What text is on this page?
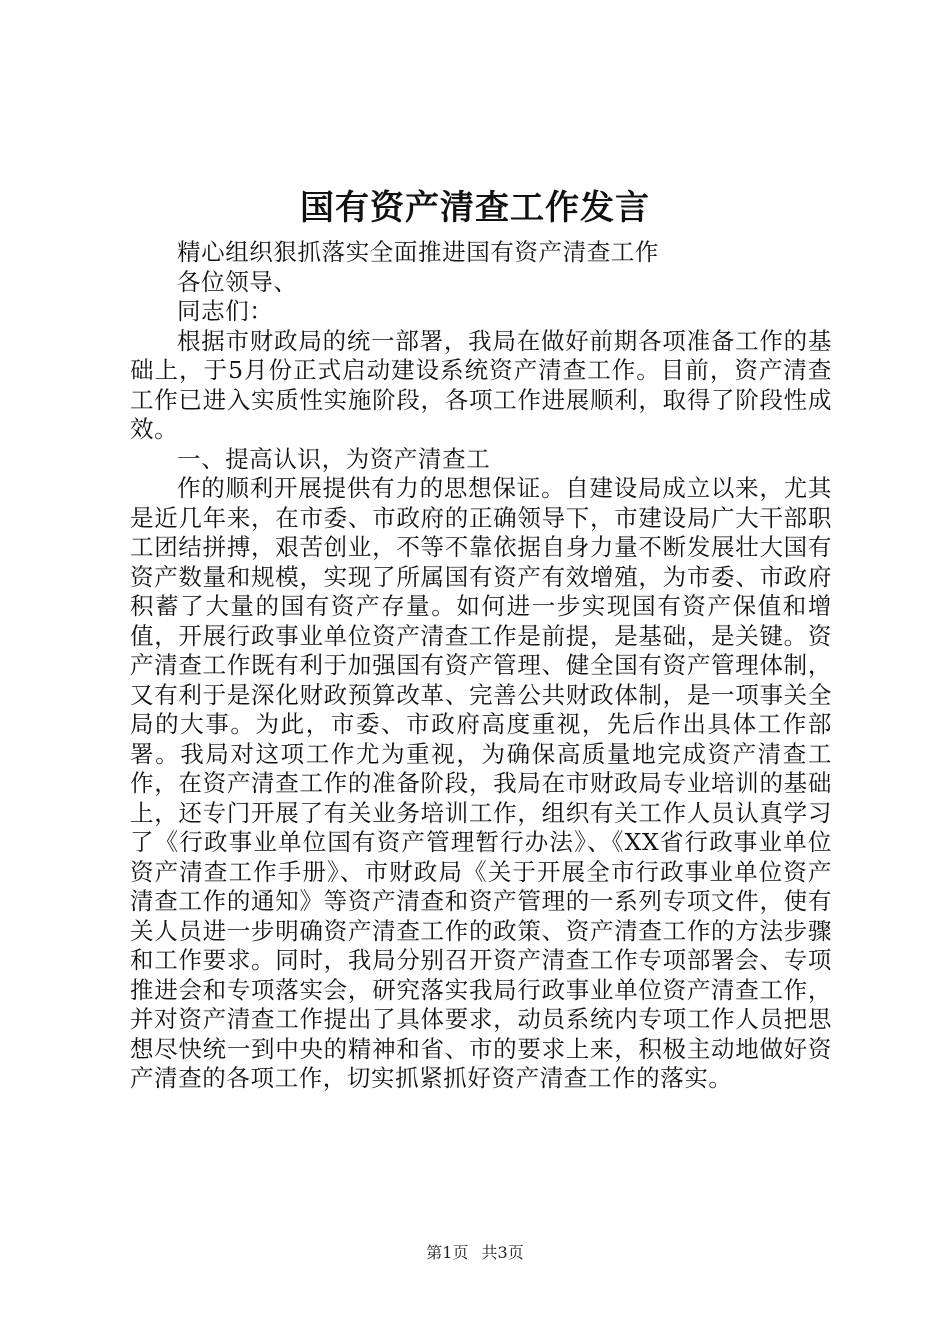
国有资产清查工作发言

精心组织狠抓落实全面推进国有资产清查工作

各位领导、

同志们：

根据市财政局的统一部署，我局在做好前期各项准备工作的基础上，于5月份正式启动建设系统资产清查工作。目前，资产清查工作已进入实质性实施阶段，各项工作进展顺利，取得了阶段性成效。

一、提高认识，为资产清查工

作的顺利开展提供有力的思想保证。自建设局成立以来，尤其是近几年来，在市委、市政府的正确领导下，市建设局广大干部职工团结拼搏，艰苦创业，不等不靠依据自身力量不断发展壮大国有资产数量和规模，实现了所属国有资产有效增殖，为市委、市政府积蓄了大量的国有资产存量。如何进一步实现国有资产保值和增值，开展行政事业单位资产清查工作是前提，是基础，是关键。资产清查工作既有利于加强国有资产管理、健全国有资产管理体制，又有利于是深化财政预算改革、完善公共财政体制，是一项事关全局的大事。为此，市委、市政府高度重视，先后作出具体工作部署。我局对这项工作尤为重视，为确保高质量地完成资产清查工作，在资产清查工作的准备阶段，我局在市财政局专业培训的基础上，还专门开展了有关业务培训工作，组织有关工作人员认真学习了《行政事业单位国有资产管理暂行办法》、《XX省行政事业单位资产清查工作手册》、市财政局《关于开展全市行政事业单位资产清查工作的通知》等资产清查和资产管理的一系列专项文件，使有关人员进一步明确资产清查工作的政策、资产清查工作的方法步骤和工作要求。同时，我局分别召开资产清查工作专项部署会、专项推进会和专项落实会，研究落实我局行政事业单位资产清查工作，并对资产清查工作提出了具体要求，动员系统内专项工作人员把思想尽快统一到中央的精神和省、市的要求上来，积极主动地做好资产清查的各项工作，切实抓紧抓好资产清查工作的落实。

第1页 共3页
